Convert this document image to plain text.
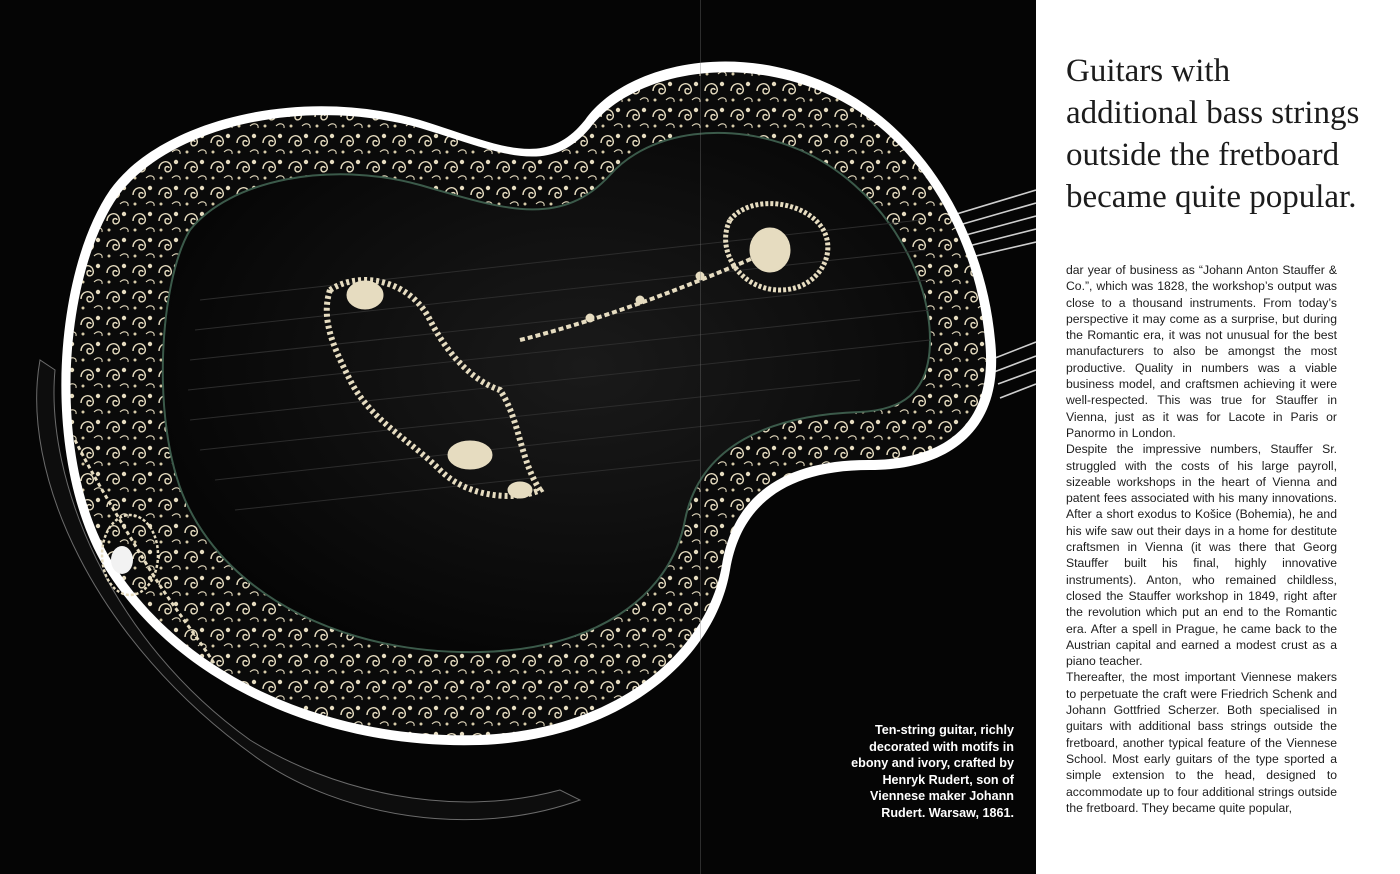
Ten-string guitar, richly decorated with motifs in ebony and ivory, crafted by Henryk Rudert, son of Viennese maker Johann Rudert. Warsaw, 1861.
Guitars with additional bass strings outside the fretboard became quite popular.

dar year of business as “Johann Anton Stauffer & Co.”, which was 1828, the workshop’s output was close to a thousand instruments. From today’s perspective it may come as a surprise, but during the Romantic era, it was not unusual for the best manufacturers to also be amongst the most productive. Quality in numbers was a viable business model, and craftsmen achieving it were well-respected. This was true for Stauffer in Vienna, just as it was for Lacote in Paris or Panormo in London.

Despite the impressive numbers, Stauffer Sr. struggled with the costs of his large payroll, sizeable workshops in the heart of Vienna and patent fees associated with his many innovations. After a short exodus to Košice (Bohemia), he and his wife saw out their days in a home for destitute craftsmen in Vienna (it was there that Georg Stauffer built his final, highly innovative instruments). Anton, who remained childless, closed the Stauffer workshop in 1849, right after the revolution which put an end to the Romantic era. After a spell in Prague, he came back to the Austrian capital and earned a modest crust as a piano teacher.

Thereafter, the most important Viennese makers to perpetuate the craft were Friedrich Schenk and Johann Gottfried Scherzer. Both specialised in guitars with additional bass strings outside the fretboard, another typical feature of the Viennese School. Most early guitars of the type sported a simple extension to the head, designed to accommodate up to four additional strings outside the fretboard. They became quite popular,
